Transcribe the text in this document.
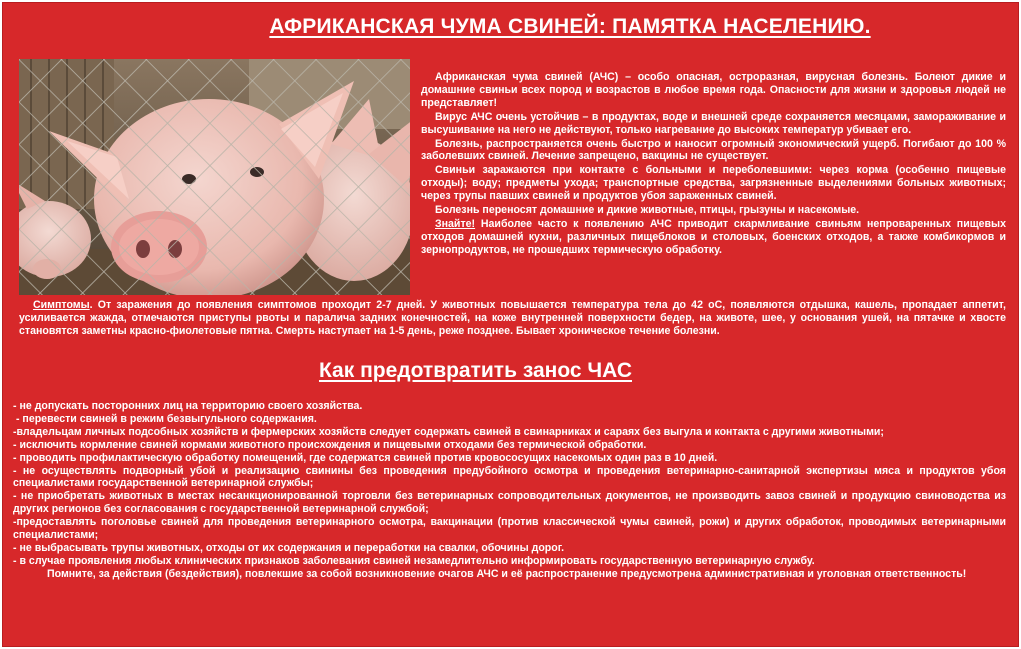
АФРИКАНСКАЯ ЧУМА СВИНЕЙ: ПАМЯТКА НАСЕЛЕНИЮ.

Африканская чума свиней (АЧС) – особо опасная, остроразная, вирусная болезнь. Болеют дикие и домашние свиньи всех пород и возрастов в любое время года. Опасности для жизни и здоровья людей не представляет!

Вирус АЧС очень устойчив – в продуктах, воде и внешней среде сохраняется месяцами, замораживание и высушивание на него не действуют, только нагревание до высоких температур убивает его.

Болезнь, распространяется очень быстро и наносит огромный экономический ущерб. Погибают до 100 % заболевших свиней. Лечение запрещено, вакцины не существует.

Свиньи заражаются при контакте с больными и переболевшими: через корма (особенно пищевые отходы); воду; предметы ухода; транспортные средства, загрязненные выделениями больных животных; через трупы павших свиней и продуктов убоя зараженных свиней.

Болезнь переносят домашние и дикие животные, птицы, грызуны и насекомые.

Знайте! Наиболее часто к появлению АЧС приводит скармливание свиньям непроваренных пищевых отходов домашней кухни, различных пищеблоков и столовых, боенских отходов, а также комбикормов и зернопродуктов, не прошедших термическую обработку.

Симптомы. От заражения до появления симптомов проходит 2-7 дней. У животных повышается температура тела до 42 оС, появляются отдышка, кашель, пропадает аппетит, усиливается жажда, отмечаются приступы рвоты и паралича задних конечностей, на коже внутренней поверхности бедер, на животе, шее, у основания ушей, на пятачке и хвосте становятся заметны красно-фиолетовые пятна. Смерть наступает на 1-5 день, реже позднее. Бывает хроническое течение болезни.

Как предотвратить занос ЧАС
- не допускать посторонних лиц на территорию своего хозяйства.
- перевести свиней в режим безвыгульного содержания.
-владельцам личных подсобных хозяйств и фермерских хозяйств следует содержать свиней в свинарниках и сараях без выгула и контакта с другими животными;
- исключить кормление свиней кормами животного происхождения и пищевыми отходами без термической обработки.
- проводить профилактическую обработку помещений, где содержатся свиней против кровососущих насекомых один раз в 10 дней.
- не осуществлять подворный убой и реализацию свинины без проведения предубойного осмотра и проведения ветеринарно-санитарной экспертизы мяса и продуктов убоя специалистами государственной ветеринарной службы;
- не приобретать животных в местах несанкционированной торговли без ветеринарных сопроводительных документов, не производить завоз свиней и продукцию свиноводства из других регионов без согласования с государственной ветеринарной службой;
-предоставлять поголовье свиней для проведения ветеринарного осмотра, вакцинации (против классической чумы свиней, рожи) и других обработок, проводимых ветеринарными специалистами;
- не выбрасывать трупы животных, отходы от их содержания и переработки на свалки, обочины дорог.
- в случае проявления любых клинических признаков заболевания свиней незамедлительно информировать государственную ветеринарную службу.
Помните, за действия (бездействия), повлекшие за собой возникновение очагов АЧС и её распространение предусмотрена административная и уголовная ответственность!
